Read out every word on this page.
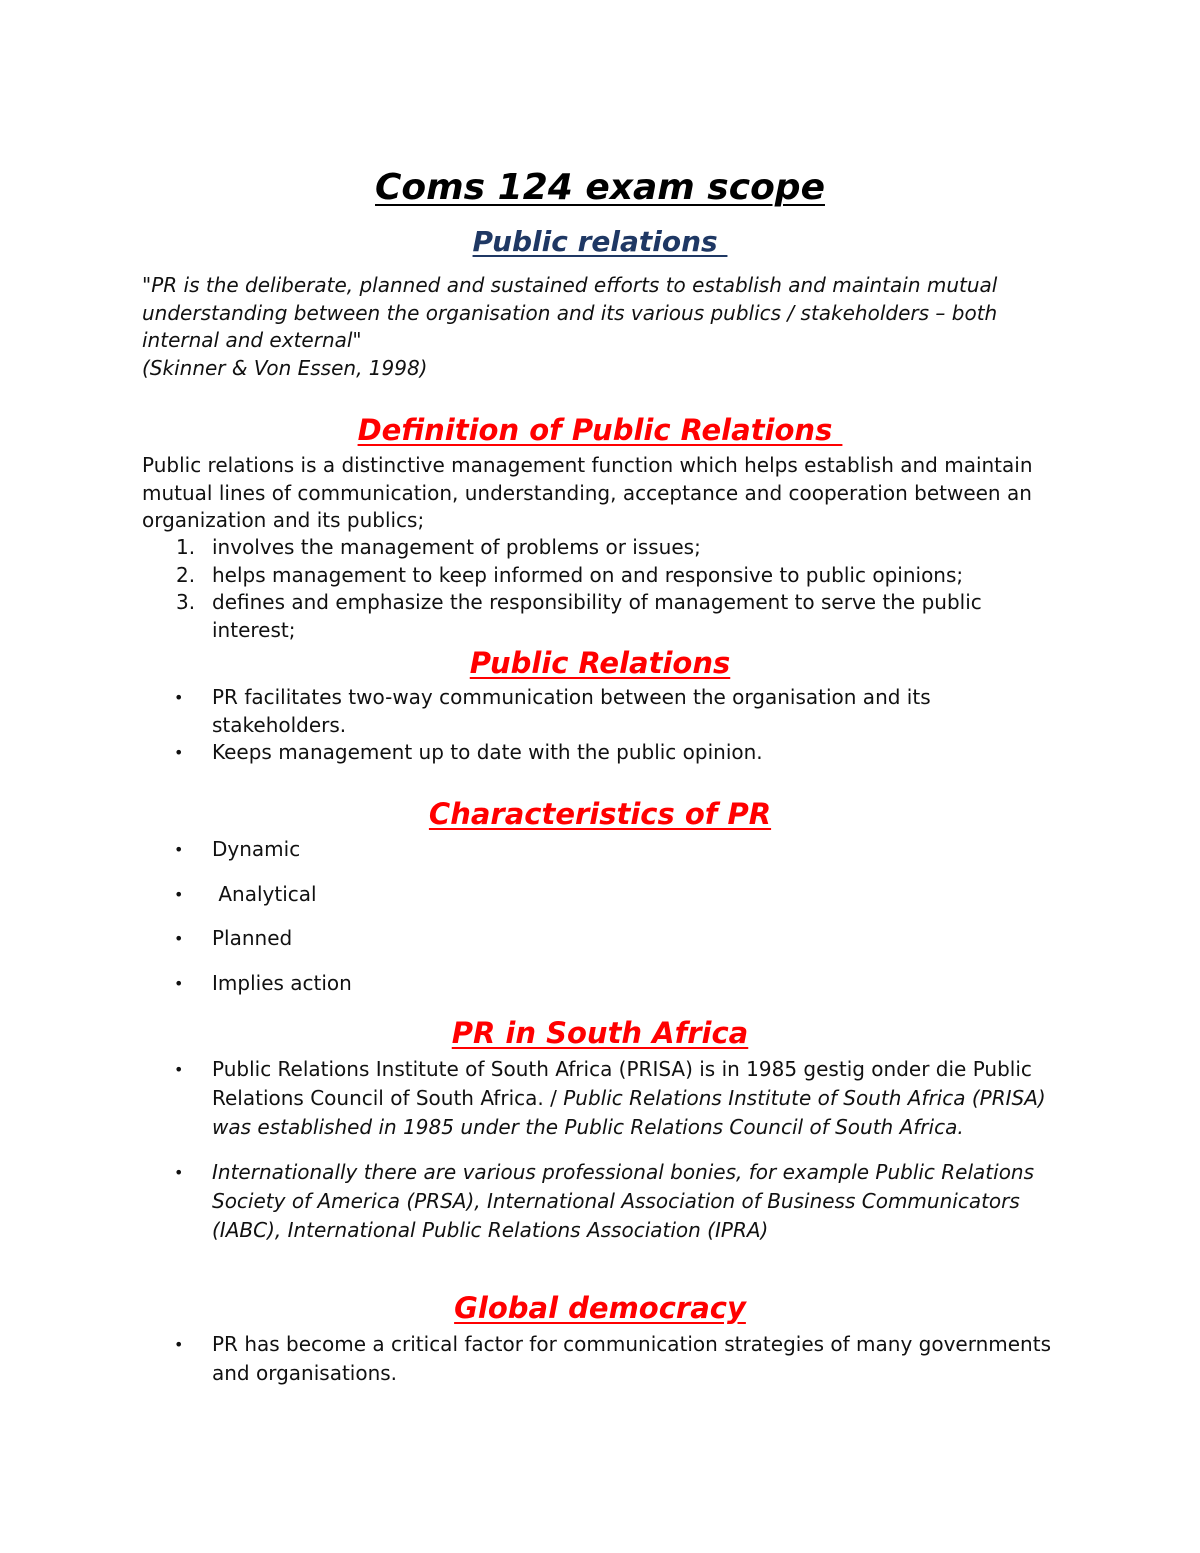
Coms 124 exam scope
Public relations
"PR is the deliberate, planned and sustained efforts to establish and maintain mutual understanding between the organisation and its various publics / stakeholders – both internal and external"
(Skinner & Von Essen, 1998)
Definition of Public Relations
Public relations is a distinctive management function which helps establish and maintain mutual lines of communication, understanding, acceptance and cooperation between an organization and its publics;
1. involves the management of problems or issues;
2. helps management to keep informed on and responsive to public opinions;
3. defines and emphasize the responsibility of management to serve the public interest;
Public Relations
• PR facilitates two-way communication between the organisation and its stakeholders.
• Keeps management up to date with the public opinion.
Characteristics of PR
• Dynamic
• Analytical
• Planned
• Implies action
PR in South Africa
• Public Relations Institute of South Africa (PRISA) is in 1985 gestig onder die Public Relations Council of South Africa. / Public Relations Institute of South Africa (PRISA) was established in 1985 under the Public Relations Council of South Africa.
• Internationally there are various professional bonies, for example Public Relations Society of America (PRSA), International Association of Business Communicators (IABC), International Public Relations Association (IPRA)
Global democracy
• PR has become a critical factor for communication strategies of many governments and organisations.
